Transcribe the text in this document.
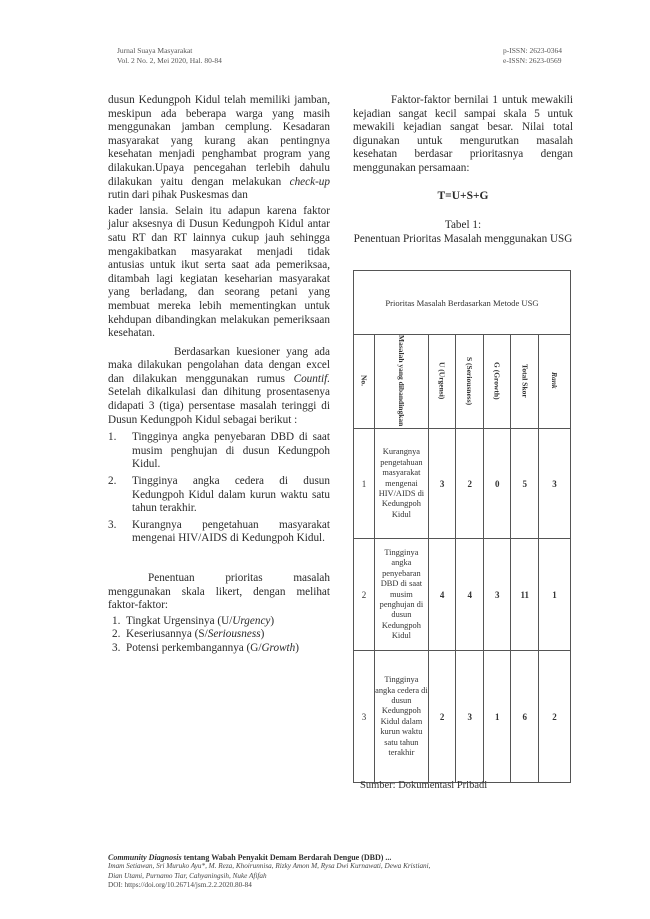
Jurnal Suaya Masyarakat
Vol. 2 No. 2, Mei 2020, Hal. 80-84
p-ISSN: 2623-0364
e-ISSN: 2623-0569

dusun Kedungpoh Kidul telah memiliki jamban, meskipun ada beberapa warga yang masih menggunakan jamban cemplung. Kesadaran masyarakat yang kurang akan pentingnya kesehatan menjadi penghambat program yang dilakukan.Upaya pencegahan terlebih dahulu dilakukan yaitu dengan melakukan check-up rutin dari pihak Puskesmas dan

kader lansia. Selain itu adapun karena faktor jalur aksesnya di Dusun Kedungpoh Kidul antar satu RT dan RT lainnya cukup jauh sehingga mengakibatkan masyarakat menjadi tidak antusias untuk ikut serta saat ada pemeriksaa, ditambah lagi kegiatan keseharian masyarakat yang berladang, dan seorang petani yang membuat mereka lebih mementingkan untuk kehdupan dibandingkan melakukan pemeriksaan kesehatan.

Berdasarkan kuesioner yang ada maka dilakukan pengolahan data dengan excel dan dilakukan menggunakan rumus Countif. Setelah dikalkulasi dan dihitung prosentasenya didapati 3 (tiga) persentase masalah teringgi di Dusun Kedungpoh Kidul sebagai berikut :

1. Tingginya angka penyebaran DBD di saat musim penghujan di dusun Kedungpoh Kidul.
2. Tingginya angka cedera di dusun Kedungpoh Kidul dalam kurun waktu satu tahun terakhir.
3. Kurangnya pengetahuan masyarakat mengenai HIV/AIDS di Kedungpoh Kidul.

Penentuan prioritas masalah menggunakan skala likert, dengan melihat faktor-faktor:

1. Tingkat Urgensinya (U/Urgency)
2. Keseriusannya (S/Seriousness)
3. Potensi perkembangannya (G/Growth)

Faktor-faktor bernilai 1 untuk mewakili kejadian sangat kecil sampai skala 5 untuk mewakili kejadian sangat besar. Nilai total digunakan untuk mengurutkan masalah kesehatan berdasar prioritasnya dengan menggunakan persamaan:

T=U+S+G
Tabel 1:
Penentuan Prioritas Masalah menggunakan USG
Prioritas Masalah Berdasarkan Metode USG						
No.	Masalah yang dibandingkan	U (Urgensi)	S (Seriousness)	G (Growth)	Total Skor	Rank
1	Kurangnya pengetahuan masyarakat mengenai HIV/AIDS di Kedungpoh Kidul	3	2	0	5	3
2	Tingginya angka penyebaran DBD di saat musim penghujan di dusun Kedungpoh Kidul	4	4	3	11	1
3	Tingginya angka cedera di dusun Kedungpoh Kidul dalam kurun waktu satu tahun terakhir	2	3	1	6	2
Sumber: Dokumentasi Pribadi
Community Diagnosis tentang Wabah Penyakit Demam Berdarah Dengue (DBD) ...
Imam Setiawan, Sri Muruko Ayu*, M. Reza, Khoirunnisa, Rizky Amon M, Rysa Dwi Kurnawati, Dewa Kristiani,
Dian Utami, Purnamo Tiar, Cahyaningsih, Nuke Afifah
DOI: https://doi.org/10.26714/jsm.2.2.2020.80-84
